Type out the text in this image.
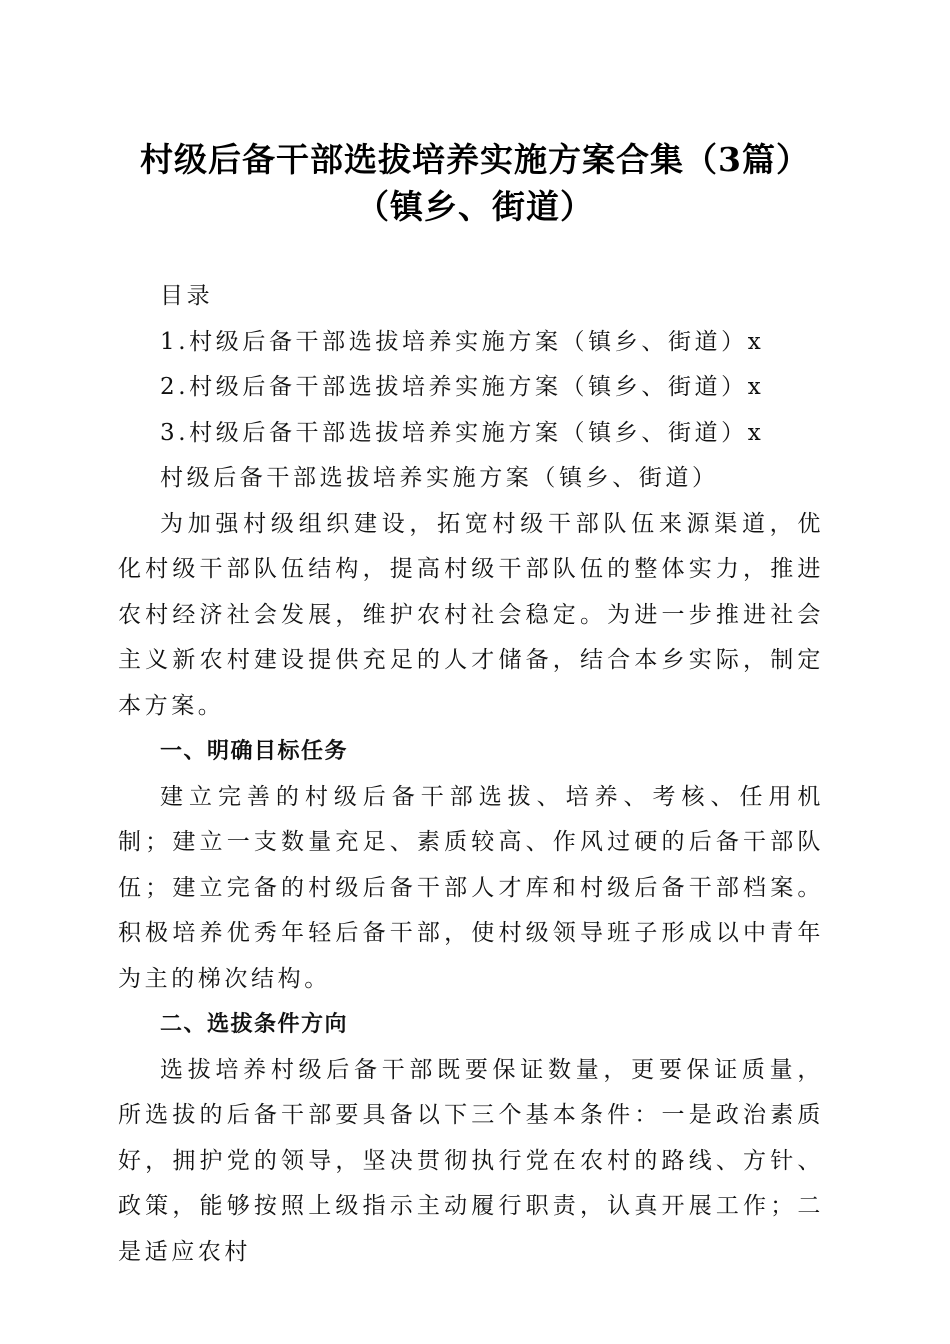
村级后备干部选拔培养实施方案合集（3篇）
（镇乡、街道）

目录

1.村级后备干部选拔培养实施方案（镇乡、街道）x

2.村级后备干部选拔培养实施方案（镇乡、街道）x

3.村级后备干部选拔培养实施方案（镇乡、街道）x

村级后备干部选拔培养实施方案（镇乡、街道）

为加强村级组织建设，拓宽村级干部队伍来源渠道，优化村级干部队伍结构，提高村级干部队伍的整体实力，推进农村经济社会发展，维护农村社会稳定。为进一步推进社会主义新农村建设提供充足的人才储备，结合本乡实际，制定本方案。

一、明确目标任务

建立完善的村级后备干部选拔、培养、考核、任用机制；建立一支数量充足、素质较高、作风过硬的后备干部队伍；建立完备的村级后备干部人才库和村级后备干部档案。积极培养优秀年轻后备干部，使村级领导班子形成以中青年为主的梯次结构。

二、选拔条件方向

选拔培养村级后备干部既要保证数量，更要保证质量，所选拔的后备干部要具备以下三个基本条件：一是政治素质好，拥护党的领导，坚决贯彻执行党在农村的路线、方针、政策，能够按照上级指示主动履行职责，认真开展工作；二是适应农村
